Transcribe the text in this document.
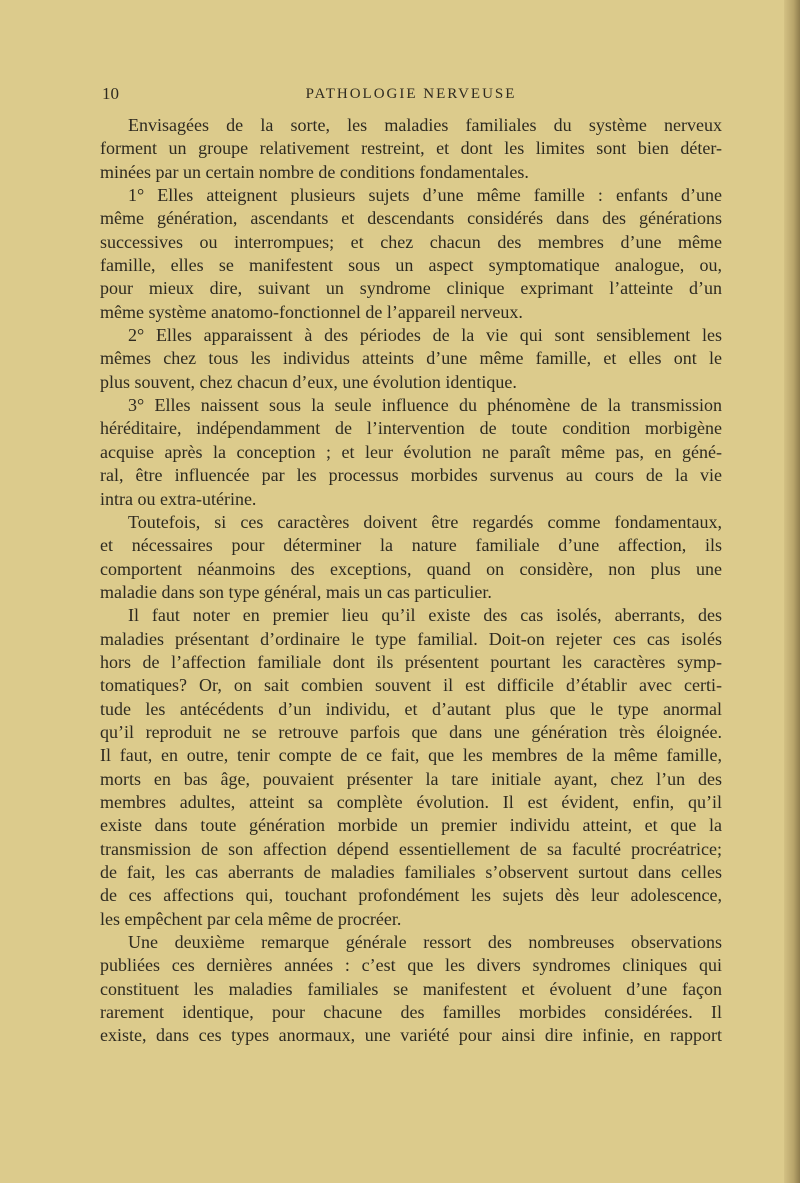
10	PATHOLOGIE NERVEUSE
Envisagées de la sorte, les maladies familiales du système nerveux
forment un groupe relativement restreint, et dont les limites sont bien déter-
minées par un certain nombre de conditions fondamentales.
1° Elles atteignent plusieurs sujets d’une même famille : enfants d’une
même génération, ascendants et descendants considérés dans des générations
successives ou interrompues; et chez chacun des membres d’une même
famille, elles se manifestent sous un aspect symptomatique analogue, ou,
pour mieux dire, suivant un syndrome clinique exprimant l’atteinte d’un
même système anatomo-fonctionnel de l’appareil nerveux.
2° Elles apparaissent à des périodes de la vie qui sont sensiblement les
mêmes chez tous les individus atteints d’une même famille, et elles ont le
plus souvent, chez chacun d’eux, une évolution identique.
3° Elles naissent sous la seule influence du phénomène de la transmission
héréditaire, indépendamment de l’intervention de toute condition morbigène
acquise après la conception ; et leur évolution ne paraît même pas, en géné-
ral, être influencée par les processus morbides survenus au cours de la vie
intra ou extra-utérine.
Toutefois, si ces caractères doivent être regardés comme fondamentaux,
et nécessaires pour déterminer la nature familiale d’une affection, ils
comportent néanmoins des exceptions, quand on considère, non plus une
maladie dans son type général, mais un cas particulier.
Il faut noter en premier lieu qu’il existe des cas isolés, aberrants, des
maladies présentant d’ordinaire le type familial. Doit-on rejeter ces cas isolés
hors de l’affection familiale dont ils présentent pourtant les caractères symp-
tomatiques? Or, on sait combien souvent il est difficile d’établir avec certi-
tude les antécédents d’un individu, et d’autant plus que le type anormal
qu’il reproduit ne se retrouve parfois que dans une génération très éloignée.
Il faut, en outre, tenir compte de ce fait, que les membres de la même famille,
morts en bas âge, pouvaient présenter la tare initiale ayant, chez l’un des
membres adultes, atteint sa complète évolution. Il est évident, enfin, qu’il
existe dans toute génération morbide un premier individu atteint, et que la
transmission de son affection dépend essentiellement de sa faculté procréatrice;
de fait, les cas aberrants de maladies familiales s’observent surtout dans celles
de ces affections qui, touchant profondément les sujets dès leur adolescence,
les empêchent par cela même de procréer.
Une deuxième remarque générale ressort des nombreuses observations
publiées ces dernières années : c’est que les divers syndromes cliniques qui
constituent les maladies familiales se manifestent et évoluent d’une façon
rarement identique, pour chacune des familles morbides considérées. Il
existe, dans ces types anormaux, une variété pour ainsi dire infinie, en rapport
